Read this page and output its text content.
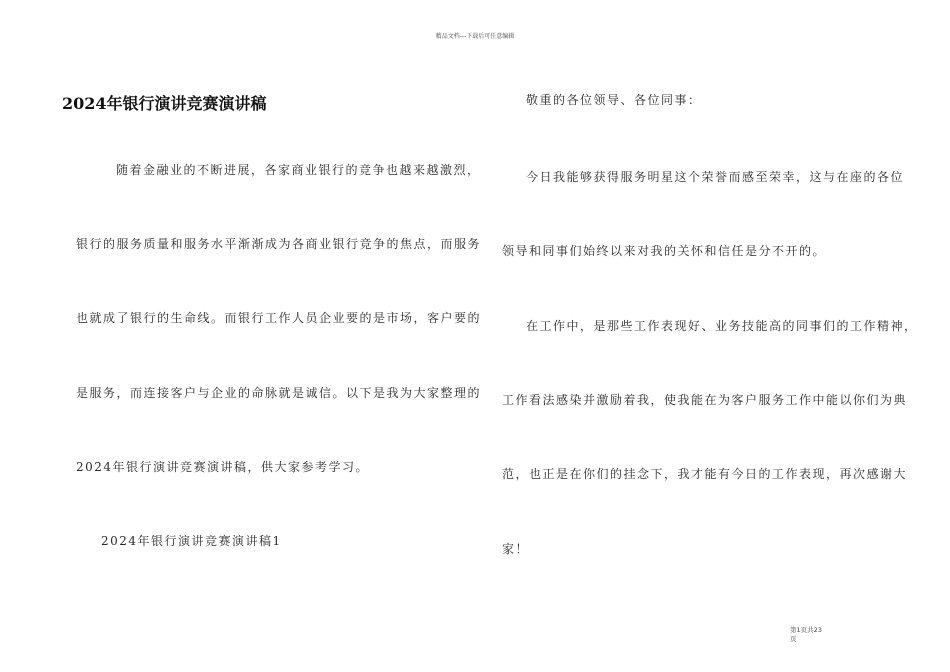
精品文档---下载后可任意编辑
2024年银行演讲竞赛演讲稿
随着金融业的不断进展，各家商业银行的竞争也越来越激烈，
银行的服务质量和服务水平渐渐成为各商业银行竞争的焦点，而服务
也就成了银行的生命线。而银行工作人员企业要的是市场，客户要的
是服务，而连接客户与企业的命脉就是诚信。以下是我为大家整理的
2024年银行演讲竞赛演讲稿，供大家参考学习。
2024年银行演讲竞赛演讲稿1
敬重的各位领导、各位同事：
今日我能够获得服务明星这个荣誉而感至荣幸，这与在座的各位
领导和同事们始终以来对我的关怀和信任是分不开的。
在工作中，是那些工作表现好、业务技能高的同事们的工作精神，
工作看法感染并激励着我，使我能在为客户服务工作中能以你们为典
范，也正是在你们的挂念下，我才能有今日的工作表现，再次感谢大
家！
第1页共23
页
